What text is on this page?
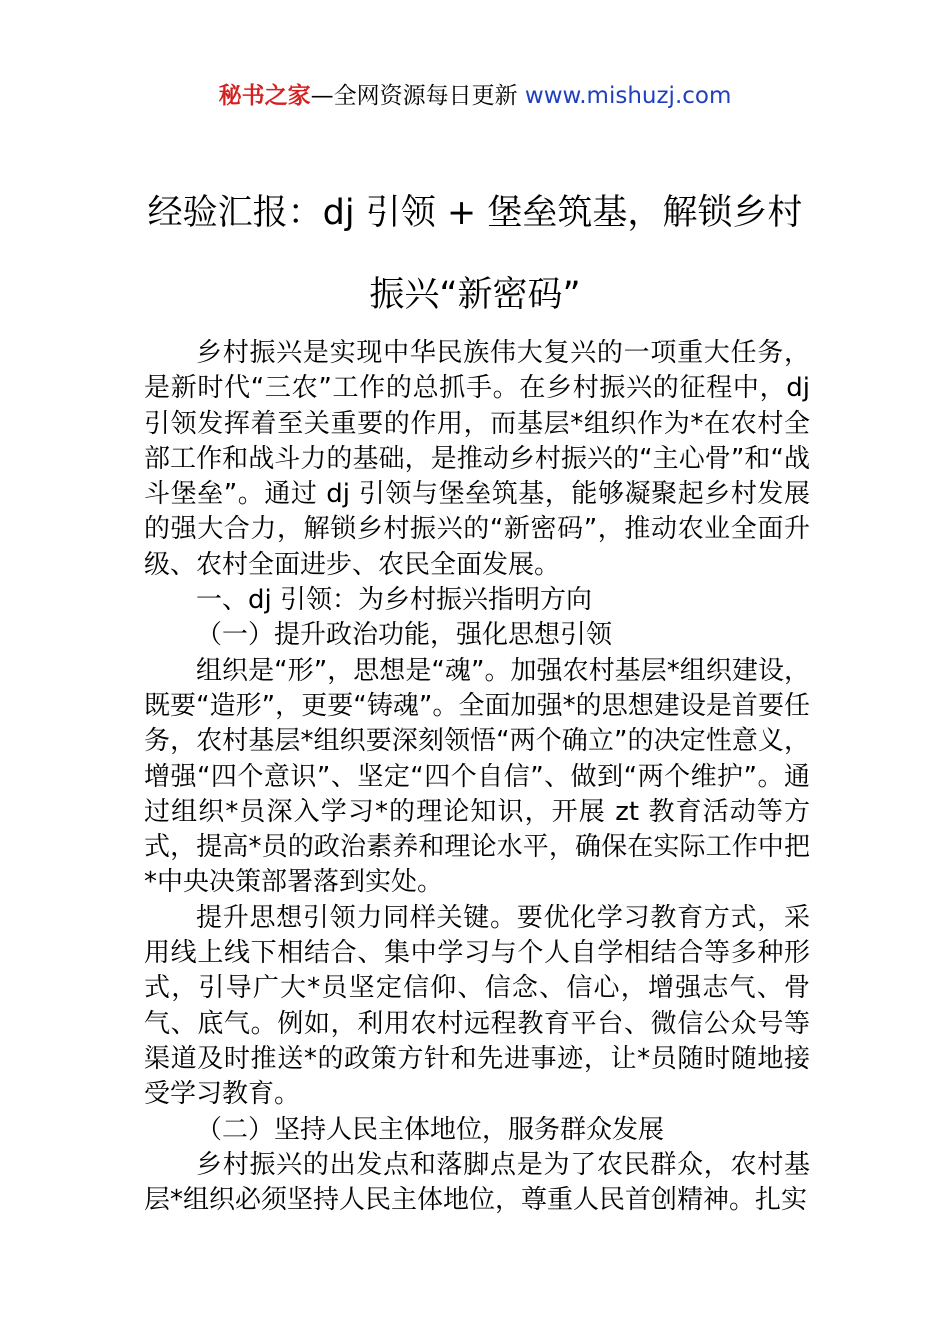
秘书之家—全网资源每日更新 www.mishuzj.com
经验汇报：dj 引领 + 堡垒筑基，解锁乡村
振兴“新密码”

乡村振兴是实现中华民族伟大复兴的一项重大任务，是新时代“三农”工作的总抓手。在乡村振兴的征程中，dj 引领发挥着至关重要的作用，而基层*组织作为*在农村全部工作和战斗力的基础，是推动乡村振兴的“主心骨”和“战斗堡垒”。通过 dj 引领与堡垒筑基，能够凝聚起乡村发展的强大合力，解锁乡村振兴的“新密码”，推动农业全面升级、农村全面进步、农民全面发展。

一、dj 引领：为乡村振兴指明方向

（一）提升政治功能，强化思想引领

组织是“形”，思想是“魂”。加强农村基层*组织建设，既要“造形”，更要“铸魂”。全面加强*的思想建设是首要任务，农村基层*组织要深刻领悟“两个确立”的决定性意义，增强“四个意识”、坚定“四个自信”、做到“两个维护”。通过组织*员深入学习*的理论知识，开展 zt 教育活动等方式，提高*员的政治素养和理论水平，确保在实际工作中把*中央决策部署落到实处。

提升思想引领力同样关键。要优化学习教育方式，采用线上线下相结合、集中学习与个人自学相结合等多种形式，引导广大*员坚定信仰、信念、信心，增强志气、骨气、底气。例如，利用农村远程教育平台、微信公众号等渠道及时推送*的政策方针和先进事迹，让*员随时随地接受学习教育。

（二）坚持人民主体地位，服务群众发展

乡村振兴的出发点和落脚点是为了农民群众，农村基层*组织必须坚持人民主体地位，尊重人民首创精神。扎实
